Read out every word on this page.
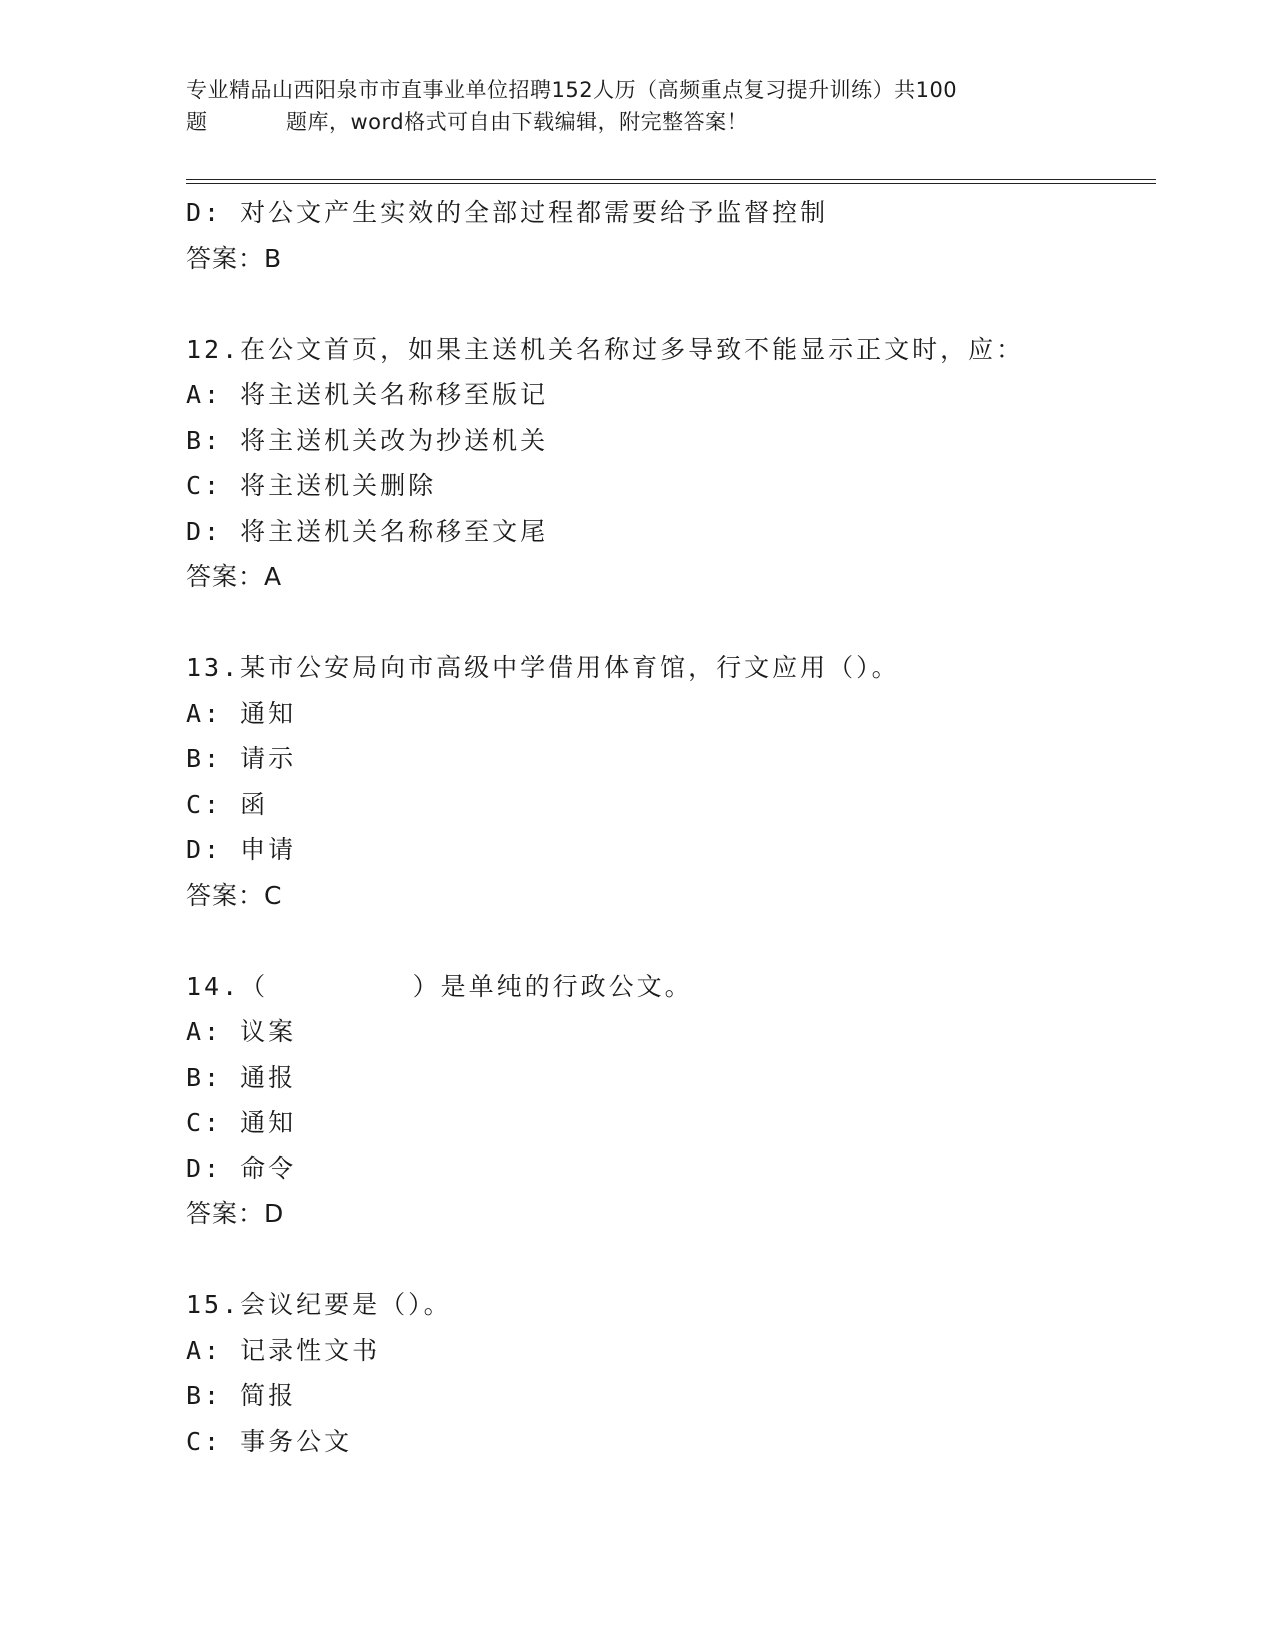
专业精品山西阳泉市市直事业单位招聘152人历（高频重点复习提升训练）共100
题	题库，word格式可自由下载编辑，附完整答案！
D: 对公文产生实效的全部过程都需要给予监督控制
答案：B
12.在公文首页，如果主送机关名称过多导致不能显示正文时，应：
A: 将主送机关名称移至版记
B: 将主送机关改为抄送机关
C: 将主送机关删除
D: 将主送机关名称移至文尾
答案：A
13.某市公安局向市高级中学借用体育馆，行文应用（）。
A: 通知
B: 请示
C: 函
D: 申请
答案：C
14.（        ）是单纯的行政公文。
A: 议案
B: 通报
C: 通知
D: 命令
答案：D
15.会议纪要是（）。
A: 记录性文书
B: 简报
C: 事务公文
